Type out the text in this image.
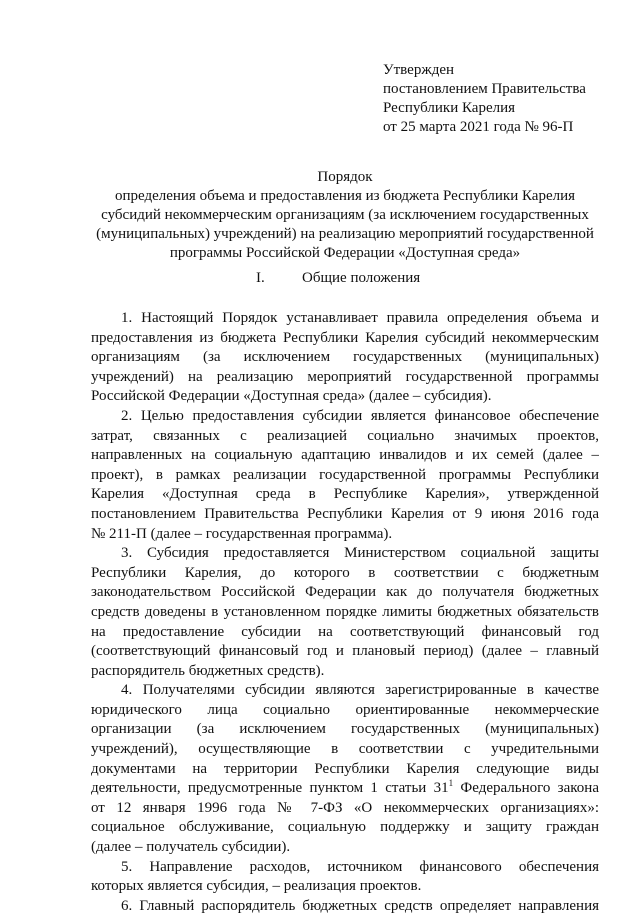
Утвержден
постановлением Правительства
Республики Карелия
от 25 марта 2021 года № 96-П
Порядок
определения объема и предоставления из бюджета Республики Карелия
субсидий некоммерческим организациям (за исключением государственных
(муниципальных) учреждений) на реализацию мероприятий государственной
программы Российской Федерации «Доступная среда»
I. Общие положения
1. Настоящий Порядок устанавливает правила определения объема и
предоставления из бюджета Республики Карелия субсидий некоммерческим
организациям (за исключением государственных (муниципальных)
учреждений) на реализацию мероприятий государственной программы
Российской Федерации «Доступная среда» (далее – субсидия).
2. Целью предоставления субсидии является финансовое обеспечение
затрат, связанных с реализацией социально значимых проектов,
направленных на социальную адаптацию инвалидов и их семей (далее –
проект), в рамках реализации государственной программы Республики
Карелия «Доступная среда в Республике Карелия», утвержденной
постановлением Правительства Республики Карелия от 9 июня 2016 года
№ 211-П (далее – государственная программа).
3. Субсидия предоставляется Министерством социальной защиты
Республики Карелия, до которого в соответствии с бюджетным
законодательством Российской Федерации как до получателя бюджетных
средств доведены в установленном порядке лимиты бюджетных обязательств
на предоставление субсидии на соответствующий финансовый год
(соответствующий финансовый год и плановый период) (далее – главный
распорядитель бюджетных средств).
4. Получателями субсидии являются зарегистрированные в качестве
юридического лица социально ориентированные некоммерческие
организации (за исключением государственных (муниципальных)
учреждений), осуществляющие в соответствии с учредительными
документами на территории Республики Карелия следующие виды
деятельности, предусмотренные пунктом 1 статьи $31^1$ Федерального закона
от 12 января 1996 года № 7-ФЗ «О некоммерческих организациях»:
социальное обслуживание, социальную поддержку и защиту граждан
(далее – получатель субсидии).
5. Направление расходов, источником финансового обеспечения
которых является субсидия, – реализация проектов.
6. Главный распорядитель бюджетных средств определяет направления
